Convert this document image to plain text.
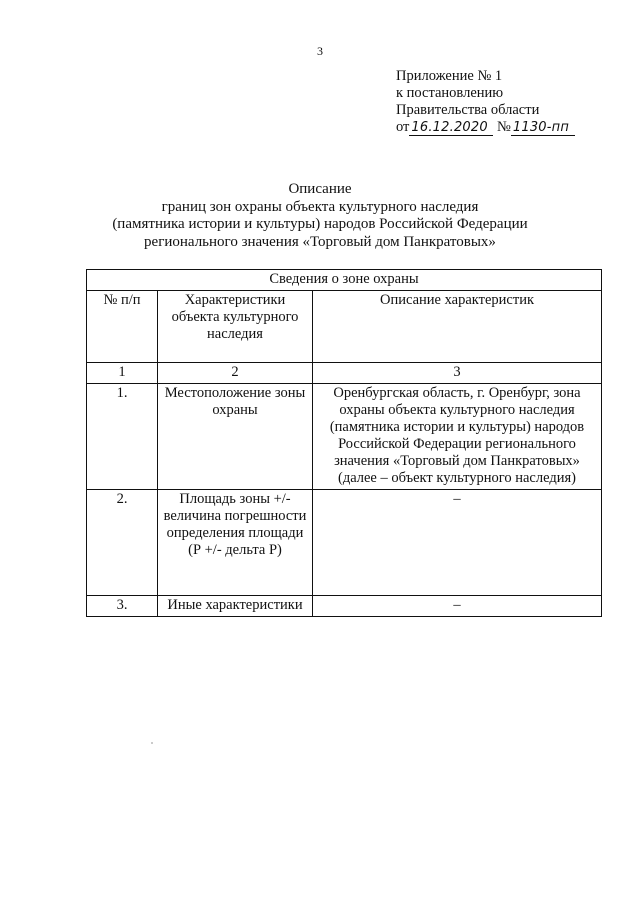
3
Приложение № 1
к постановлению
Правительства области
от 16.12.2020 № 1130-пп
Описание
границ зон охраны объекта культурного наследия
(памятника истории и культуры) народов Российской Федерации
регионального значения «Торговый дом Панкратовых»
Сведения о зоне охраны		
№ п/п	Характеристики объекта культурного наследия	Описание характеристик
1	2	3
1.	Местоположение зоны охраны	Оренбургская область, г. Оренбург, зона охраны объекта культурного наследия (памятника истории и культуры) народов Российской Федерации регионального значения «Торговый дом Панкратовых» (далее – объект культурного наследия)
2.	Площадь зоны +/- величина погрешности определения площади (Р +/- дельта Р)	–
3.	Иные характеристики	–
